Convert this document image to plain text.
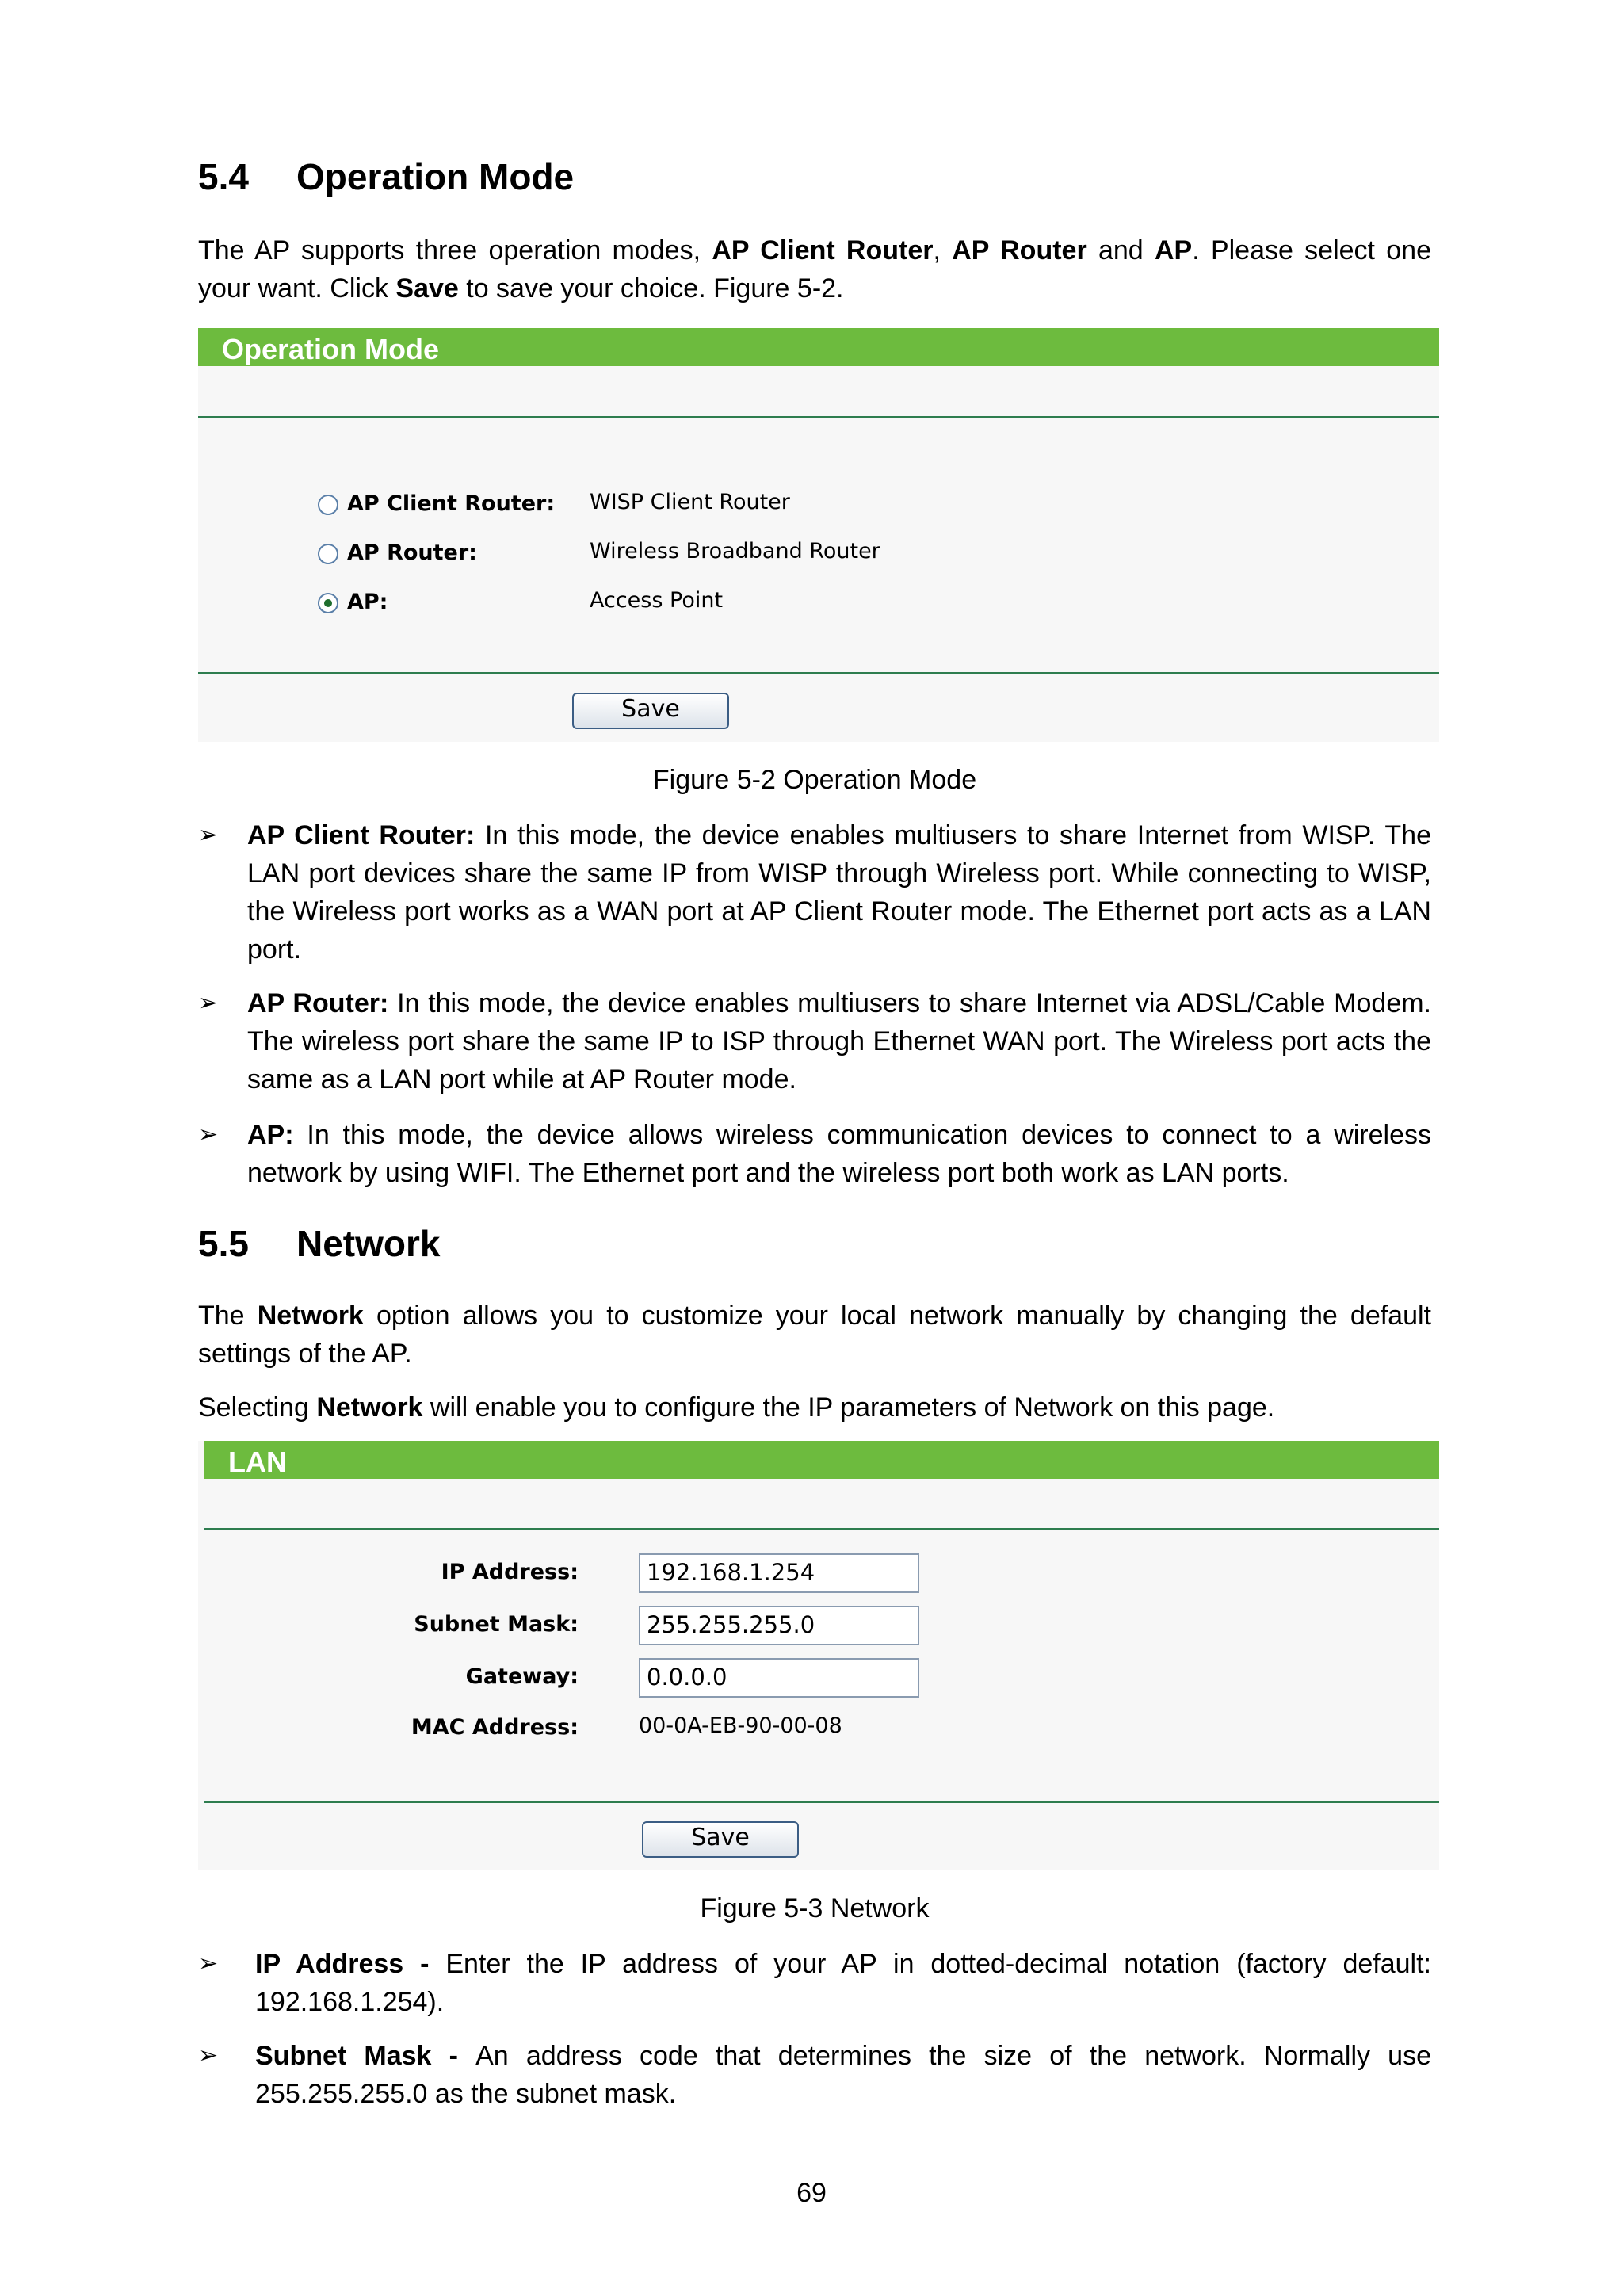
5.4 Operation Mode

The AP supports three operation modes, AP Client Router, AP Router and AP. Please select one your want. Click Save to save your choice. Figure 5-2.

Operation Mode
AP Client Router: WISP Client Router
AP Router:	Wireless Broadband Router
AP:	Access Point
Save
Figure 5-2 Operation Mode
➢	AP Client Router: In this mode, the device enables multiusers to share Internet from WISP. The LAN port devices share the same IP from WISP through Wireless port. While connecting to WISP, the Wireless port works as a WAN port at AP Client Router mode. The Ethernet port acts as a LAN port.
➢	AP Router: In this mode, the device enables multiusers to share Internet via ADSL/Cable Modem. The wireless port share the same IP to ISP through Ethernet WAN port. The Wireless port acts the same as a LAN port while at AP Router mode.
➢	AP: In this mode, the device allows wireless communication devices to connect to a wireless network by using WIFI. The Ethernet port and the wireless port both work as LAN ports.
5.5 Network

The Network option allows you to customize your local network manually by changing the default settings of the AP.

Selecting Network will enable you to configure the IP parameters of Network on this page.

LAN
IP Address:	192.168.1.254
Subnet Mask:	255.255.255.0
Gateway:	0.0.0.0
MAC Address:	00-0A-EB-90-00-08
Save
Figure 5-3 Network
➢	IP Address - Enter the IP address of your AP in dotted-decimal notation (factory default: 192.168.1.254).
➢	Subnet Mask - An address code that determines the size of the network. Normally use 255.255.255.0 as the subnet mask.
69
